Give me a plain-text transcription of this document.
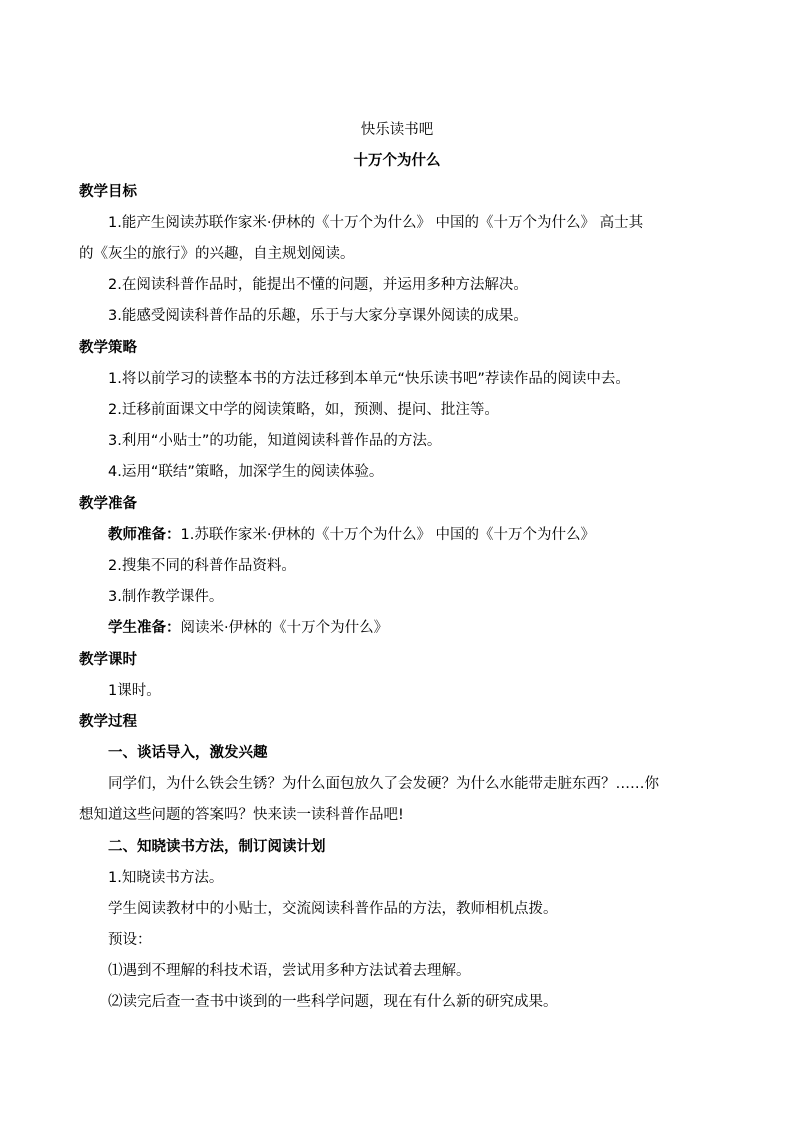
快乐读书吧
十万个为什么
教学目标
1.能产生阅读苏联作家米·伊林的《十万个为什么》 中国的《十万个为什么》 高士其
的《灰尘的旅行》的兴趣，自主规划阅读。
2.在阅读科普作品时，能提出不懂的问题，并运用多种方法解决。
3.能感受阅读科普作品的乐趣，乐于与大家分享课外阅读的成果。
教学策略
1.将以前学习的读整本书的方法迁移到本单元“快乐读书吧”荐读作品的阅读中去。
2.迁移前面课文中学的阅读策略，如，预测、提问、批注等。
3.利用“小贴士”的功能，知道阅读科普作品的方法。
4.运用“联结”策略，加深学生的阅读体验。
教学准备
教师准备：1.苏联作家米·伊林的《十万个为什么》 中国的《十万个为什么》
2.搜集不同的科普作品资料。
3.制作教学课件。
学生准备：阅读米·伊林的《十万个为什么》
教学课时
1课时。
教学过程
一、谈话导入，激发兴趣
同学们，为什么铁会生锈？为什么面包放久了会发硬？为什么水能带走脏东西？……你
想知道这些问题的答案吗？快来读一读科普作品吧!
二、知晓读书方法，制订阅读计划
1.知晓读书方法。
学生阅读教材中的小贴士，交流阅读科普作品的方法，教师相机点拨。
预设：
⑴遇到不理解的科技术语，尝试用多种方法试着去理解。
⑵读完后查一查书中谈到的一些科学问题，现在有什么新的研究成果。
